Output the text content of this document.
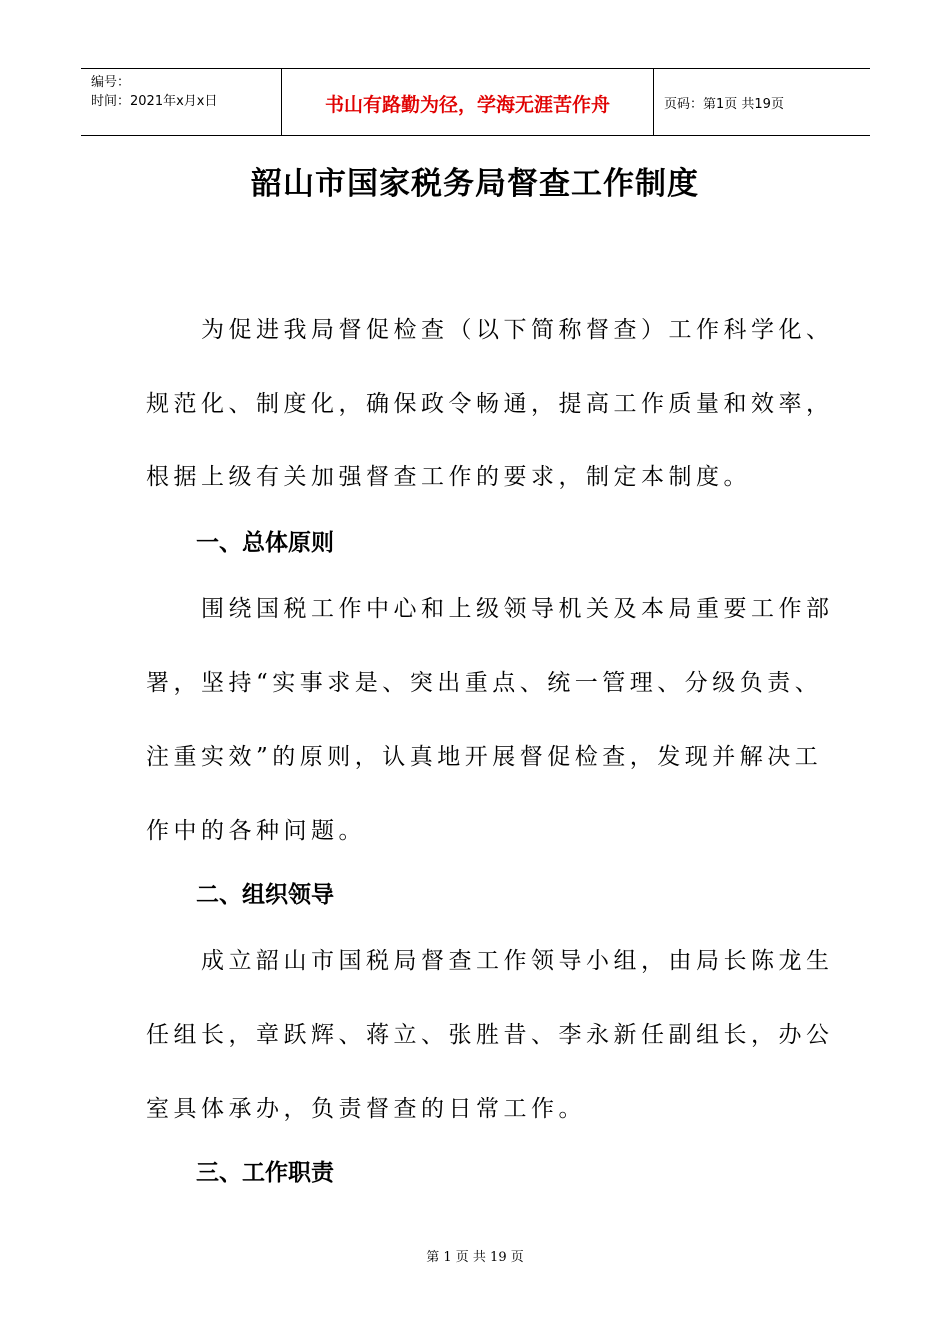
编号：
时间：2021年x月x日	书山有路勤为径，学海无涯苦作舟	页码：第1页 共19页
韶山市国家税务局督查工作制度
　　为促进我局督促检查（以下简称督查）工作科学化、
规范化、制度化，确保政令畅通，提高工作质量和效率，
根据上级有关加强督查工作的要求，制定本制度。
一、总体原则
　　围绕国税工作中心和上级领导机关及本局重要工作部
署，坚持“实事求是、突出重点、统一管理、分级负责、
注重实效”的原则，认真地开展督促检查，发现并解决工
作中的各种问题。
二、组织领导
　　成立韶山市国税局督查工作领导小组，由局长陈龙生
任组长，章跃辉、蒋立、张胜昔、李永新任副组长，办公
室具体承办，负责督查的日常工作。
三、工作职责
第 1 页 共 19 页
